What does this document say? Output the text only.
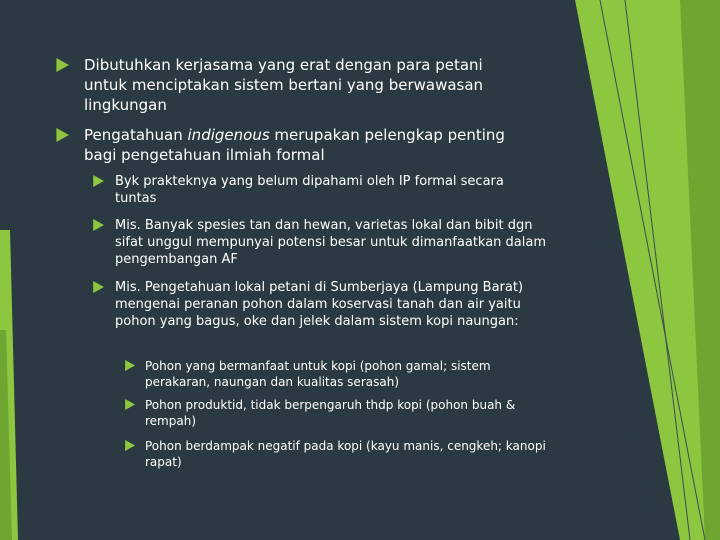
Dibutuhkan kerjasama yang erat dengan para petani untuk menciptakan sistem bertani yang berwawasan lingkungan
Pengatahuan indigenous merupakan pelengkap penting bagi pengetahuan ilmiah formal
Byk prakteknya yang belum dipahami oleh IP formal secara tuntas
Mis. Banyak spesies tan dan hewan, varietas lokal dan bibit dgn sifat unggul mempunyai potensi besar untuk dimanfaatkan dalam pengembangan AF
Mis. Pengetahuan lokal petani di Sumberjaya (Lampung Barat) mengenai peranan pohon dalam koservasi tanah dan air yaitu pohon yang bagus, oke dan jelek dalam sistem kopi naungan:
Pohon yang bermanfaat untuk kopi (pohon gamal; sistem perakaran, naungan dan kualitas serasah)
Pohon produktid, tidak berpengaruh thdp kopi (pohon buah & rempah)
Pohon berdampak negatif pada kopi (kayu manis, cengkeh; kanopi rapat)
